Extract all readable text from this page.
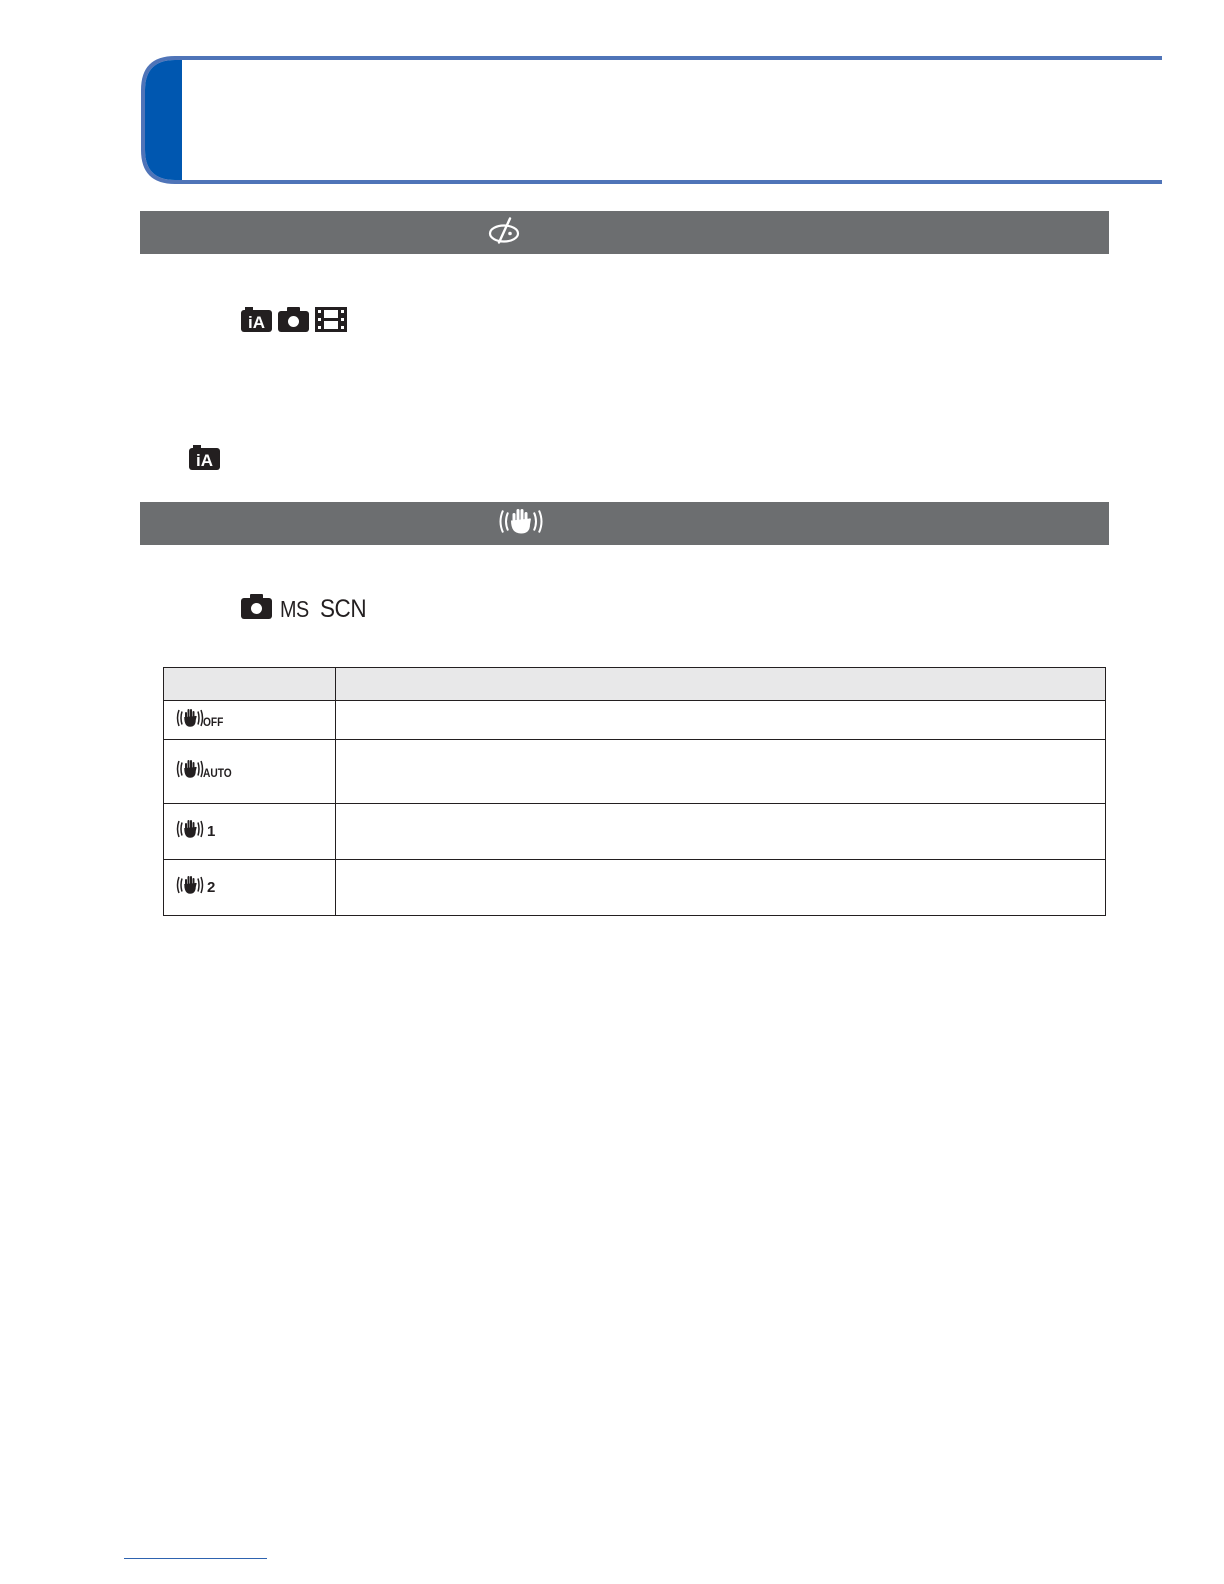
iA
iA
MS SCN

OFF	

AUTO	

1	

2	
